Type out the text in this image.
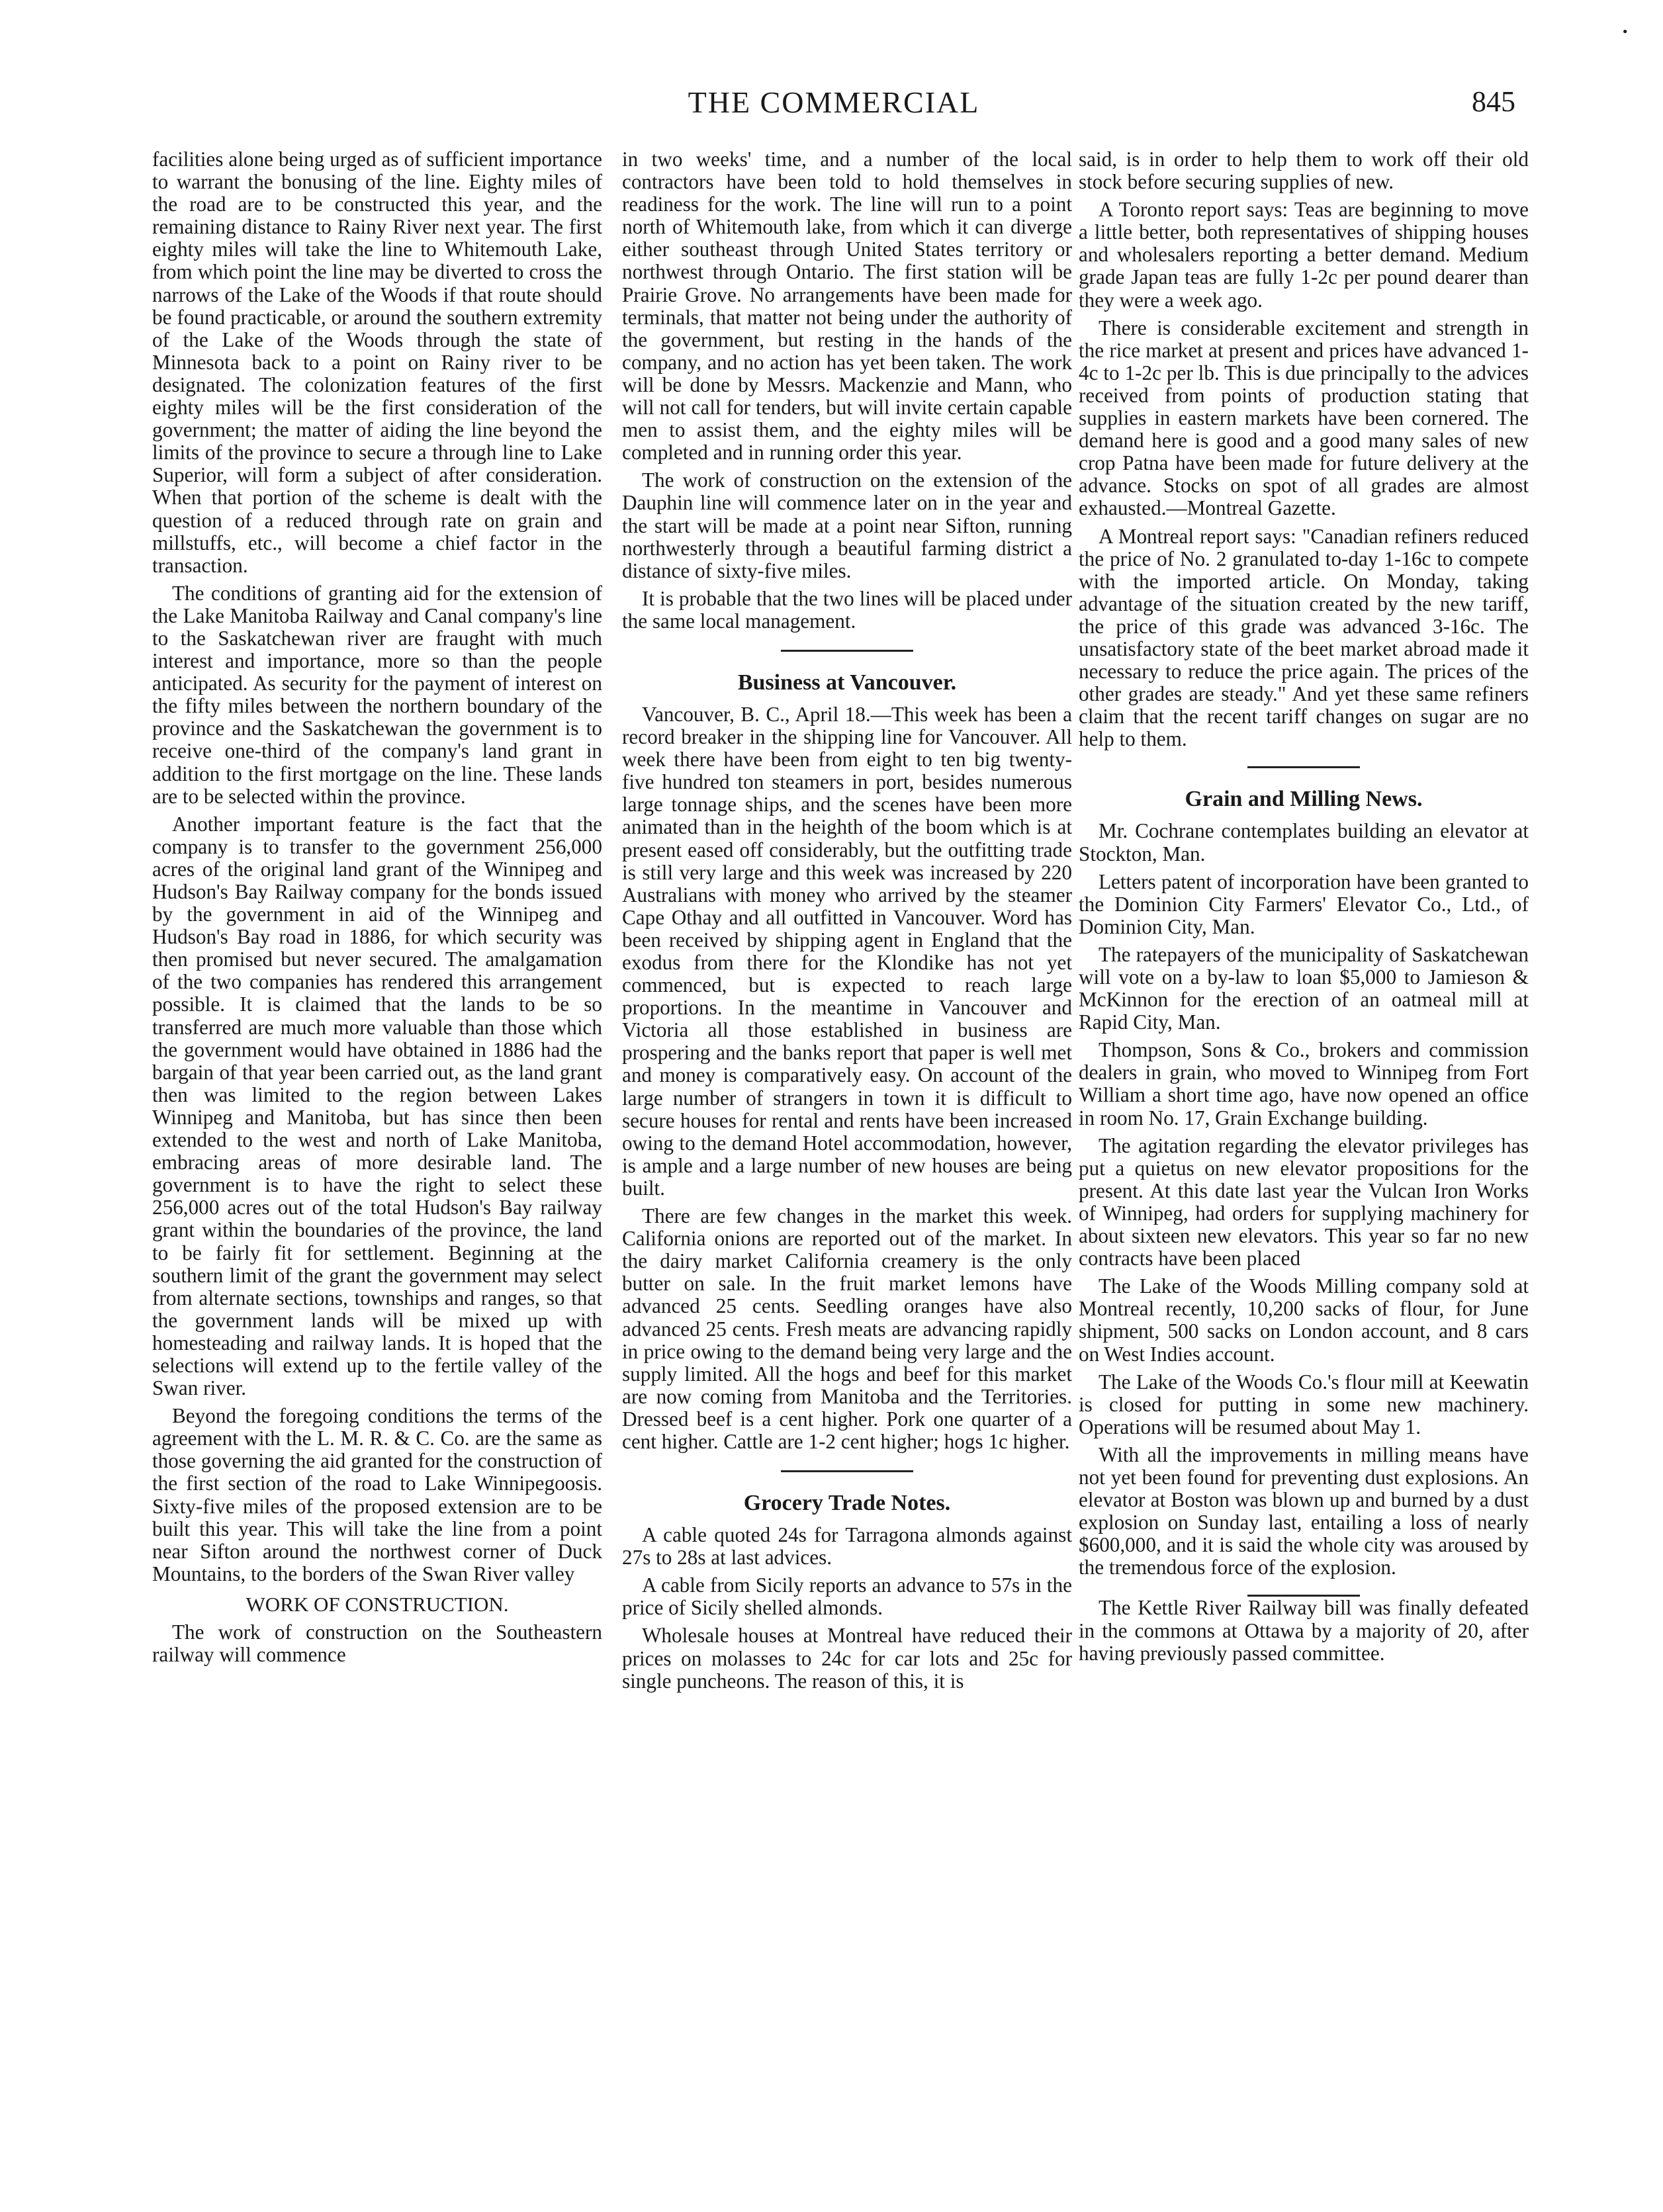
•
THE COMMERCIAL	845

facilities alone being urged as of sufficient importance to warrant the bonusing of the line. Eighty miles of the road are to be constructed this year, and the remaining distance to Rainy River next year. The first eighty miles will take the line to Whitemouth Lake, from which point the line may be diverted to cross the narrows of the Lake of the Woods if that route should be found practicable, or around the southern extremity of the Lake of the Woods through the state of Minnesota back to a point on Rainy river to be designated. The colonization features of the first eighty miles will be the first consideration of the government; the matter of aiding the line beyond the limits of the province to secure a through line to Lake Superior, will form a subject of after consideration. When that portion of the scheme is dealt with the question of a reduced through rate on grain and millstuffs, etc., will become a chief factor in the transaction.

The conditions of granting aid for the extension of the Lake Manitoba Railway and Canal company's line to the Saskatchewan river are fraught with much interest and importance, more so than the people anticipated. As security for the payment of interest on the fifty miles between the northern boundary of the province and the Saskatchewan the government is to receive one-third of the company's land grant in addition to the first mortgage on the line. These lands are to be selected within the province.

Another important feature is the fact that the company is to transfer to the government 256,000 acres of the original land grant of the Winnipeg and Hudson's Bay Railway company for the bonds issued by the government in aid of the Winnipeg and Hudson's Bay road in 1886, for which security was then promised but never secured. The amalgamation of the two companies has rendered this arrangement possible. It is claimed that the lands to be so transferred are much more valuable than those which the government would have obtained in 1886 had the bargain of that year been carried out, as the land grant then was limited to the region between Lakes Winnipeg and Manitoba, but has since then been extended to the west and north of Lake Manitoba, embracing areas of more desirable land. The government is to have the right to select these 256,000 acres out of the total Hudson's Bay railway grant within the boundaries of the province, the land to be fairly fit for settlement. Beginning at the southern limit of the grant the government may select from alternate sections, townships and ranges, so that the government lands will be mixed up with homesteading and railway lands. It is hoped that the selections will extend up to the fertile valley of the Swan river.

Beyond the foregoing conditions the terms of the agreement with the L. M. R. & C. Co. are the same as those governing the aid granted for the construction of the first section of the road to Lake Winnipegoosis. Sixty-five miles of the proposed extension are to be built this year. This will take the line from a point near Sifton around the northwest corner of Duck Mountains, to the borders of the Swan River valley

WORK OF CONSTRUCTION.

The work of construction on the Southeastern railway will commence

in two weeks' time, and a number of the local contractors have been told to hold themselves in readiness for the work. The line will run to a point north of Whitemouth lake, from which it can diverge either southeast through United States territory or northwest through Ontario. The first station will be Prairie Grove. No arrangements have been made for terminals, that matter not being under the authority of the government, but resting in the hands of the company, and no action has yet been taken. The work will be done by Messrs. Mackenzie and Mann, who will not call for tenders, but will invite certain capable men to assist them, and the eighty miles will be completed and in running order this year.

The work of construction on the extension of the Dauphin line will commence later on in the year and the start will be made at a point near Sifton, running northwesterly through a beautiful farming district a distance of sixty-five miles.

It is probable that the two lines will be placed under the same local management.

Business at Vancouver.

Vancouver, B. C., April 18.—This week has been a record breaker in the shipping line for Vancouver. All week there have been from eight to ten big twenty-five hundred ton steamers in port, besides numerous large tonnage ships, and the scenes have been more animated than in the heighth of the boom which is at present eased off considerably, but the outfitting trade is still very large and this week was increased by 220 Australians with money who arrived by the steamer Cape Othay and all outfitted in Vancouver. Word has been received by shipping agent in England that the exodus from there for the Klondike has not yet commenced, but is expected to reach large proportions. In the meantime in Vancouver and Victoria all those established in business are prospering and the banks report that paper is well met and money is comparatively easy. On account of the large number of strangers in town it is difficult to secure houses for rental and rents have been increased owing to the demand Hotel accommodation, however, is ample and a large number of new houses are being built.

There are few changes in the market this week. California onions are reported out of the market. In the dairy market California creamery is the only butter on sale. In the fruit market lemons have advanced 25 cents. Seedling oranges have also advanced 25 cents. Fresh meats are advancing rapidly in price owing to the demand being very large and the supply limited. All the hogs and beef for this market are now coming from Manitoba and the Territories. Dressed beef is a cent higher. Pork one quarter of a cent higher. Cattle are 1-2 cent higher; hogs 1c higher.

Grocery Trade Notes.

A cable quoted 24s for Tarragona almonds against 27s to 28s at last advices.

A cable from Sicily reports an advance to 57s in the price of Sicily shelled almonds.

Wholesale houses at Montreal have reduced their prices on molasses to 24c for car lots and 25c for single puncheons. The reason of this, it is

said, is in order to help them to work off their old stock before securing supplies of new.

A Toronto report says: Teas are beginning to move a little better, both representatives of shipping houses and wholesalers reporting a better demand. Medium grade Japan teas are fully 1-2c per pound dearer than they were a week ago.

There is considerable excitement and strength in the rice market at present and prices have advanced 1-4c to 1-2c per lb. This is due principally to the advices received from points of production stating that supplies in eastern markets have been cornered. The demand here is good and a good many sales of new crop Patna have been made for future delivery at the advance. Stocks on spot of all grades are almost exhausted.—Montreal Gazette.

A Montreal report says: "Canadian refiners reduced the price of No. 2 granulated to-day 1-16c to compete with the imported article. On Monday, taking advantage of the situation created by the new tariff, the price of this grade was advanced 3-16c. The unsatisfactory state of the beet market abroad made it necessary to reduce the price again. The prices of the other grades are steady." And yet these same refiners claim that the recent tariff changes on sugar are no help to them.

Grain and Milling News.

Mr. Cochrane contemplates building an elevator at Stockton, Man.

Letters patent of incorporation have been granted to the Dominion City Farmers' Elevator Co., Ltd., of Dominion City, Man.

The ratepayers of the municipality of Saskatchewan will vote on a by-law to loan $5,000 to Jamieson & McKinnon for the erection of an oatmeal mill at Rapid City, Man.

Thompson, Sons & Co., brokers and commission dealers in grain, who moved to Winnipeg from Fort William a short time ago, have now opened an office in room No. 17, Grain Exchange building.

The agitation regarding the elevator privileges has put a quietus on new elevator propositions for the present. At this date last year the Vulcan Iron Works of Winnipeg, had orders for supplying machinery for about sixteen new elevators. This year so far no new contracts have been placed

The Lake of the Woods Milling company sold at Montreal recently, 10,200 sacks of flour, for June shipment, 500 sacks on London account, and 8 cars on West Indies account.

The Lake of the Woods Co.'s flour mill at Keewatin is closed for putting in some new machinery. Operations will be resumed about May 1.

With all the improvements in milling means have not yet been found for preventing dust explosions. An elevator at Boston was blown up and burned by a dust explosion on Sunday last, entailing a loss of nearly $600,000, and it is said the whole city was aroused by the tremendous force of the explosion.

The Kettle River Railway bill was finally defeated in the commons at Ottawa by a majority of 20, after having previously passed committee.
